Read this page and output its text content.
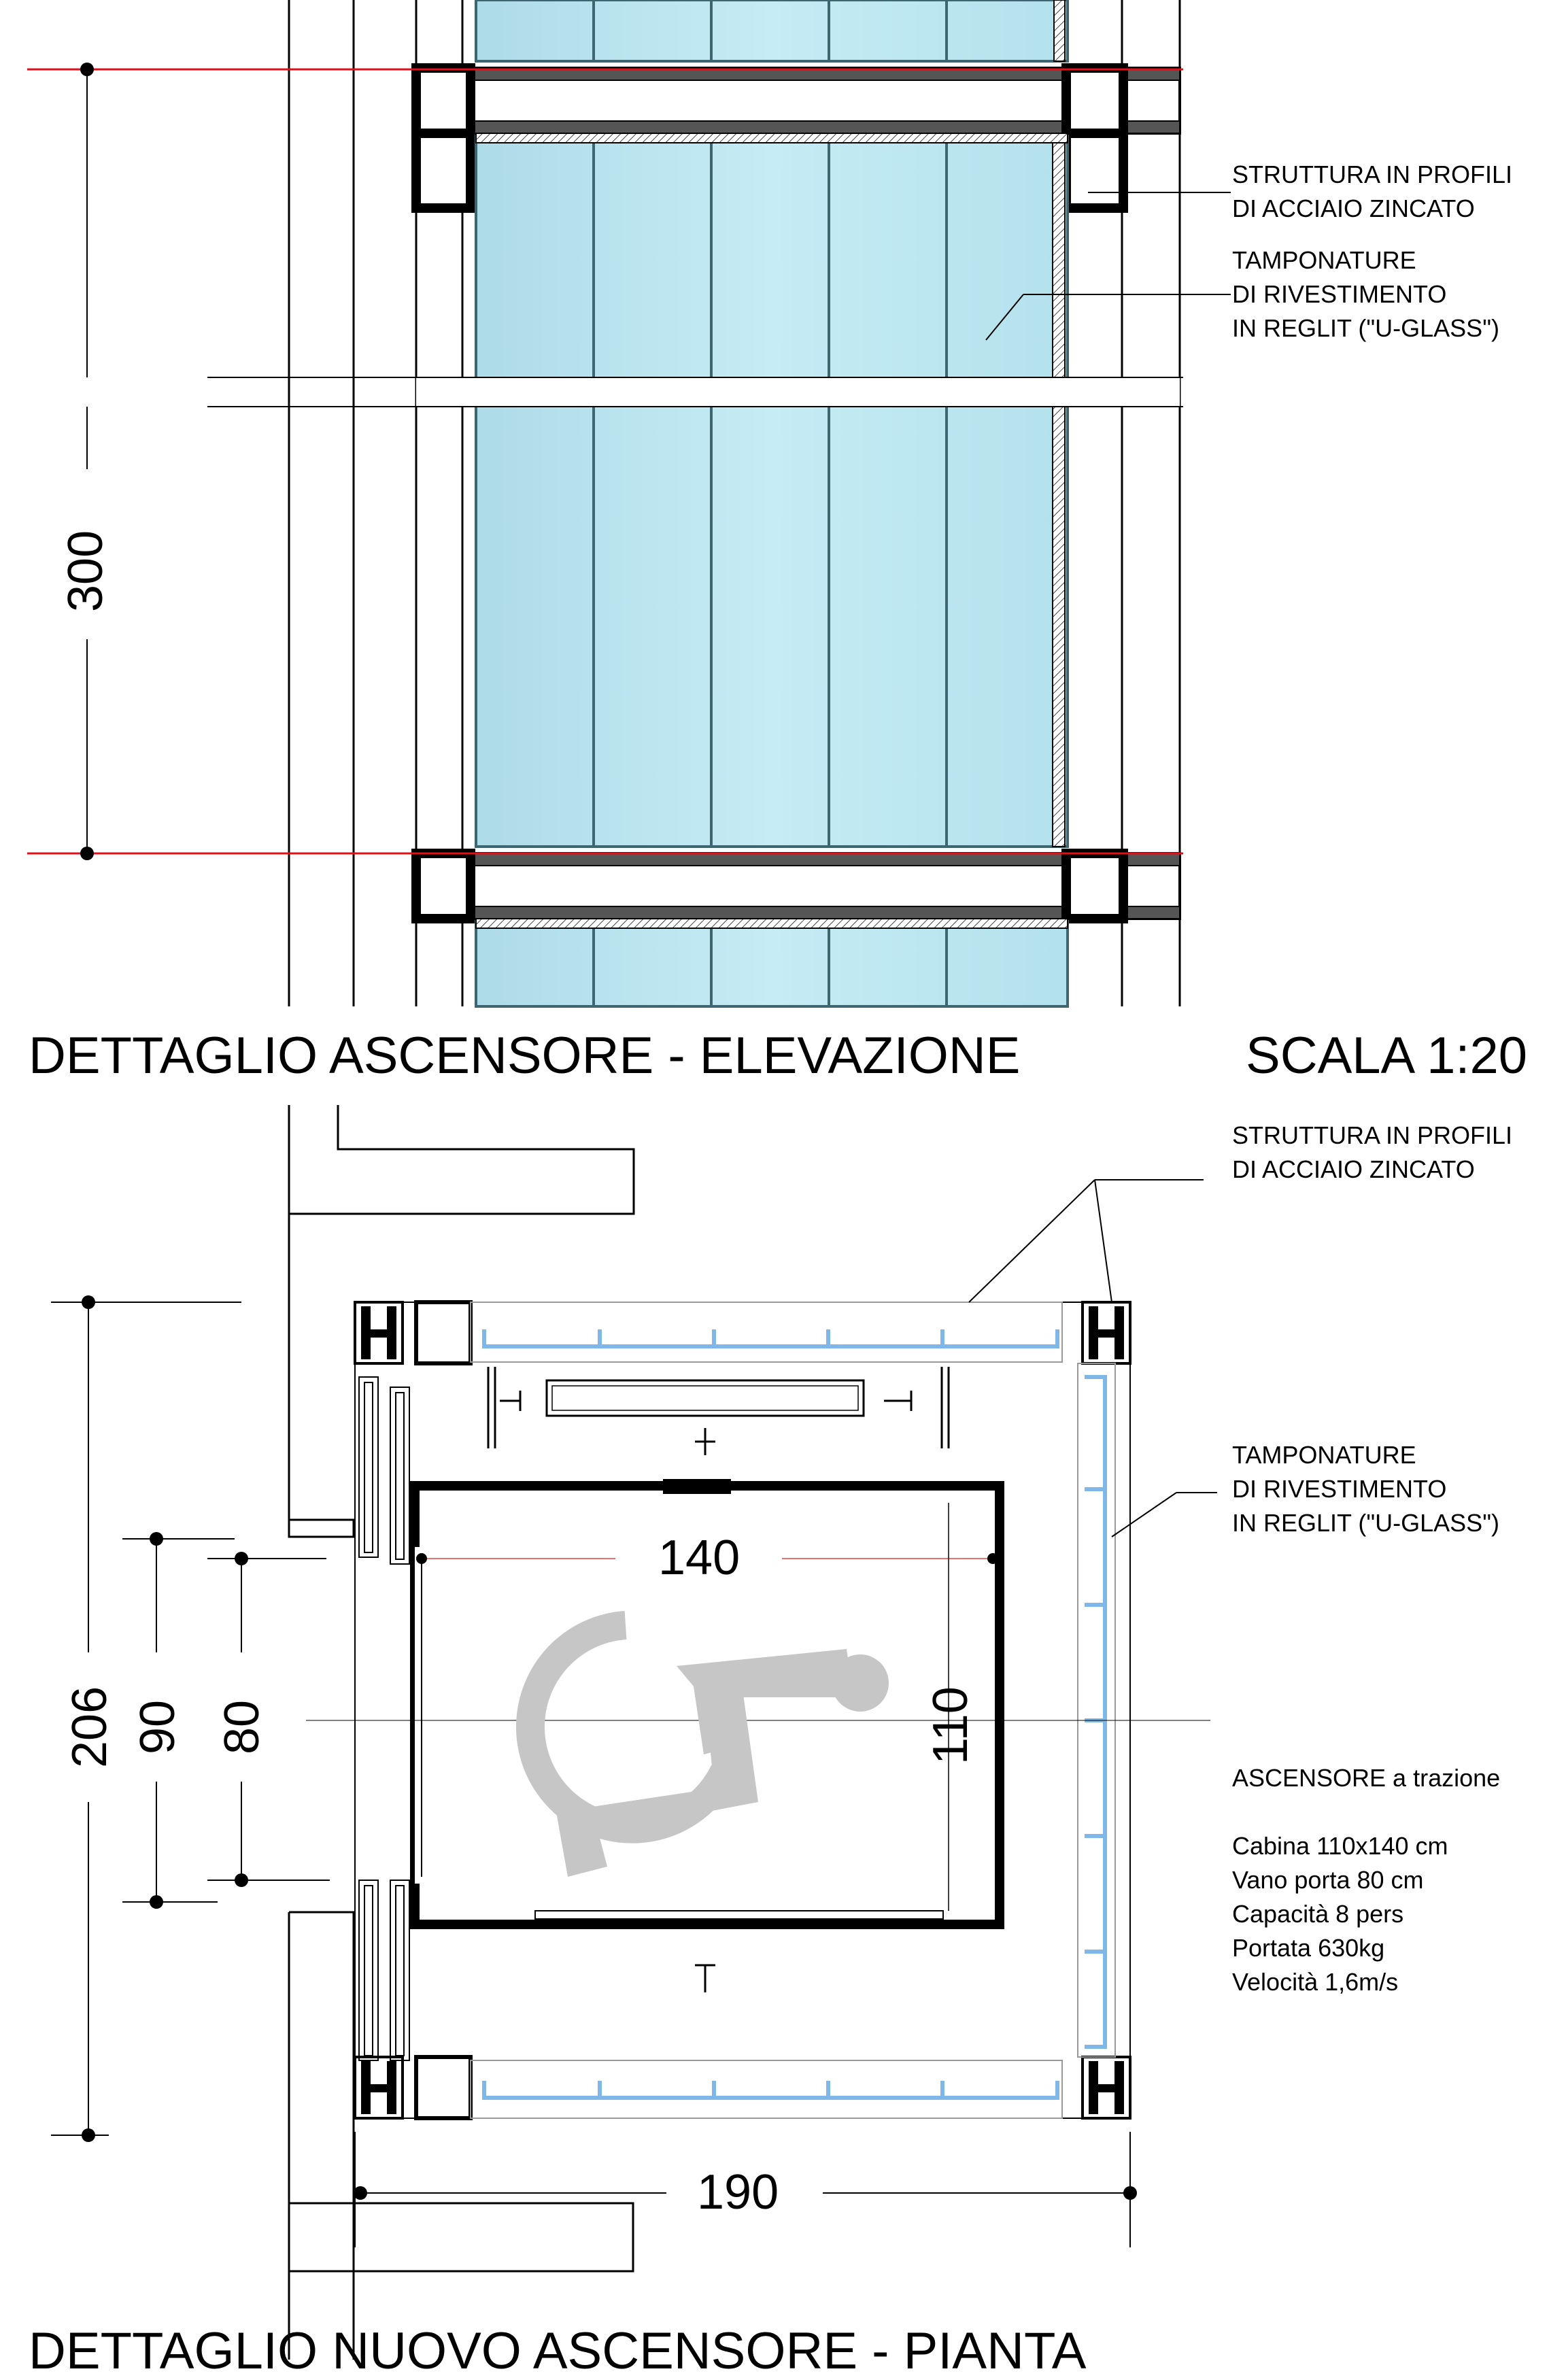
STRUTTURA IN PROFILI
DI ACCIAIO ZINCATO
TAMPONATURE
DI RIVESTIMENTO
IN REGLIT ("U-GLASS")
300
DETTAGLIO ASCENSORE - ELEVAZIONE	SCALA 1:20
STRUTTURA IN PROFILI
DI ACCIAIO ZINCATO
TAMPONATURE
DI RIVESTIMENTO
IN REGLIT ("U-GLASS")
140
110
206 90 80
190
ASCENSORE a trazione
Cabina 110x140 cm
Vano porta 80 cm
Capacità 8 pers
Portata 630kg
Velocità 1,6m/s
DETTAGLIO NUOVO ASCENSORE - PIANTA
